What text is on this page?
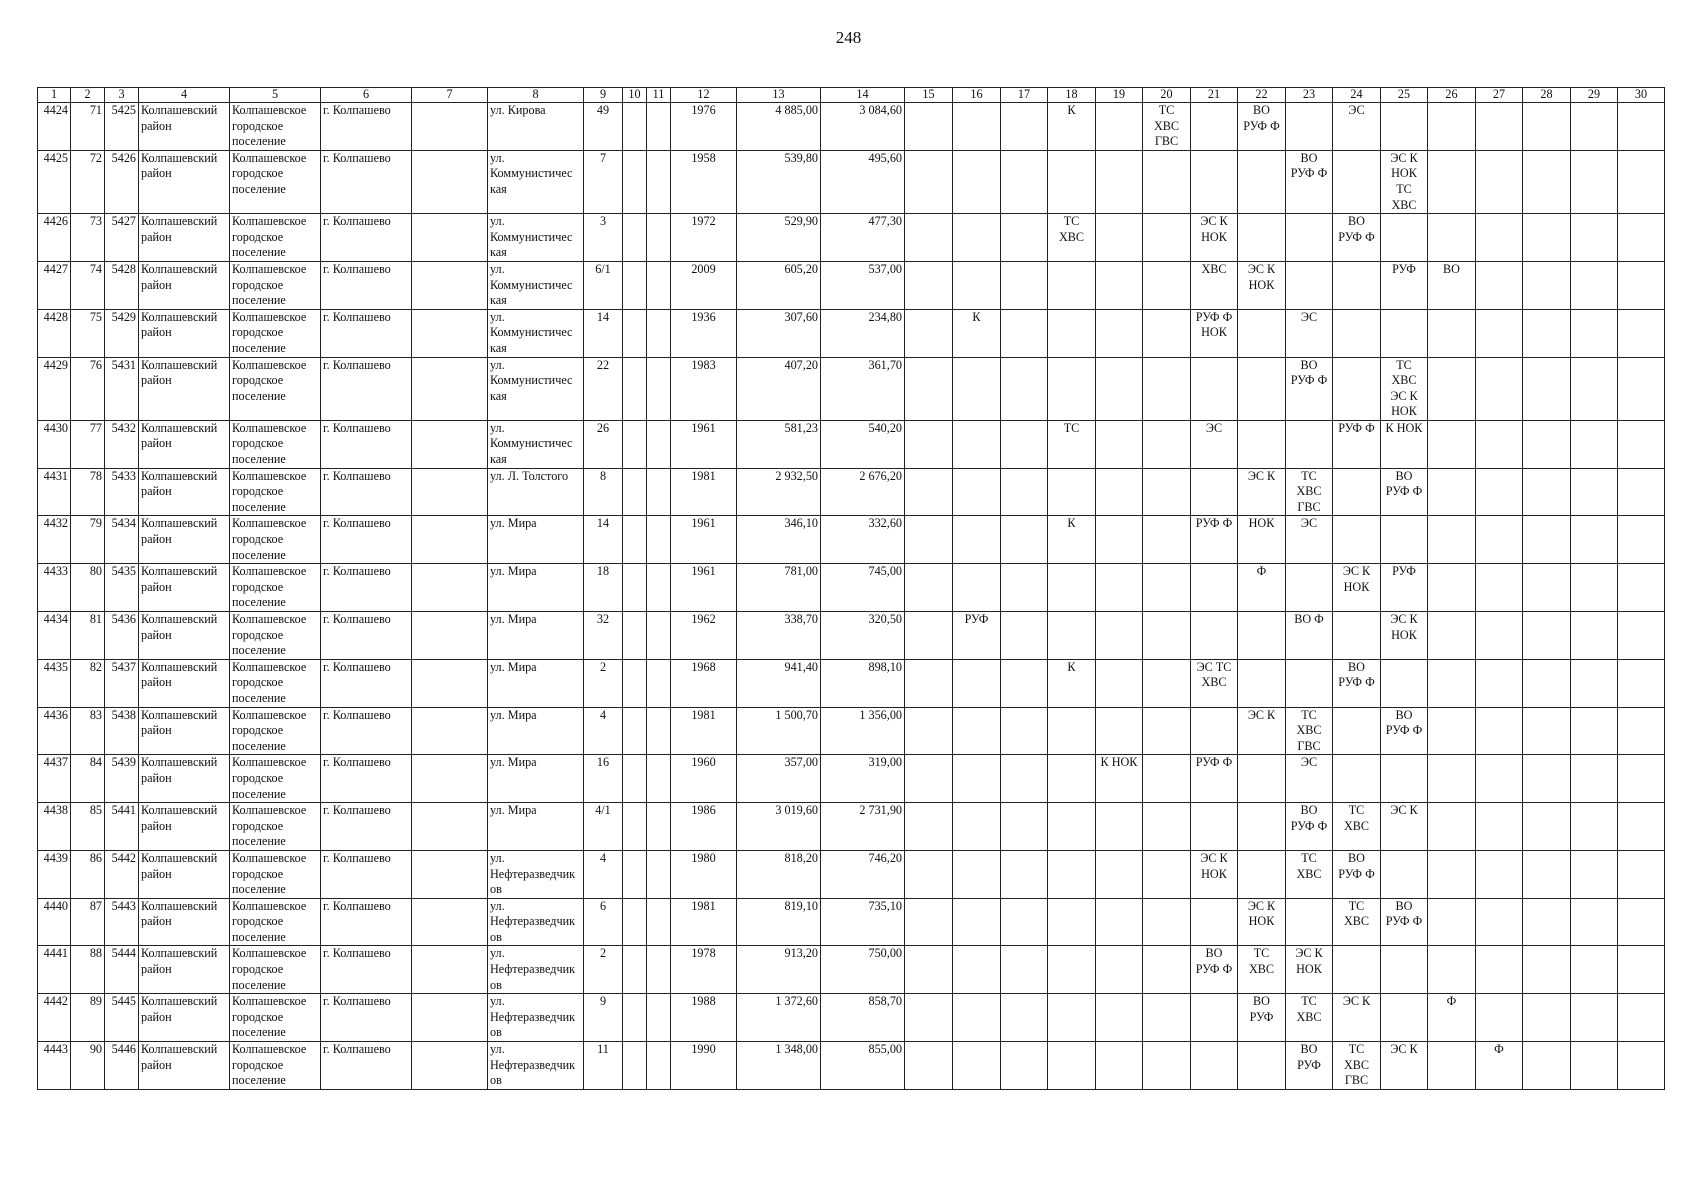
248
1	2	3	4	5	6	7	8	9	10	11	12	13	14	15	16	17	18	19	20	21	22	23	24	25	26	27	28	29	30
4424	71	5425	Колпашевский район	Колпашевское городское поселение	г. Колпашево		ул. Кирова	49			1976	4 885,00	3 084,60				К		ТС ХВС ГВС		ВО РУФ Ф		ЭС						
4425	72	5426	Колпашевский район	Колпашевское городское поселение	г. Колпашево		ул. Коммунистичес кая	7			1958	539,80	495,60									ВО РУФ Ф		ЭС К НОК ТС ХВС					
4426	73	5427	Колпашевский район	Колпашевское городское поселение	г. Колпашево		ул. Коммунистичес кая	3			1972	529,90	477,30				ТС ХВС			ЭС К НОК			ВО РУФ Ф						
4427	74	5428	Колпашевский район	Колпашевское городское поселение	г. Колпашево		ул. Коммунистичес кая	6/1			2009	605,20	537,00							ХВС	ЭС К НОК			РУФ	ВО				
4428	75	5429	Колпашевский район	Колпашевское городское поселение	г. Колпашево		ул. Коммунистичес кая	14			1936	307,60	234,80		К					РУФ Ф НОК		ЭС							
4429	76	5431	Колпашевский район	Колпашевское городское поселение	г. Колпашево		ул. Коммунистичес кая	22			1983	407,20	361,70									ВО РУФ Ф		ТС ХВС ЭС К НОК					
4430	77	5432	Колпашевский район	Колпашевское городское поселение	г. Колпашево		ул. Коммунистичес кая	26			1961	581,23	540,20				ТС			ЭС			РУФ Ф	К НОК					
4431	78	5433	Колпашевский район	Колпашевское городское поселение	г. Колпашево		ул. Л. Толстого	8			1981	2 932,50	2 676,20								ЭС К	ТС ХВС ГВС		ВО РУФ Ф					
4432	79	5434	Колпашевский район	Колпашевское городское поселение	г. Колпашево		ул. Мира	14			1961	346,10	332,60				К			РУФ Ф	НОК	ЭС							
4433	80	5435	Колпашевский район	Колпашевское городское поселение	г. Колпашево		ул. Мира	18			1961	781,00	745,00								Ф		ЭС К НОК	РУФ					
4434	81	5436	Колпашевский район	Колпашевское городское поселение	г. Колпашево		ул. Мира	32			1962	338,70	320,50		РУФ							ВО Ф		ЭС К НОК					
4435	82	5437	Колпашевский район	Колпашевское городское поселение	г. Колпашево		ул. Мира	2			1968	941,40	898,10				К			ЭС ТС ХВС			ВО РУФ Ф						
4436	83	5438	Колпашевский район	Колпашевское городское поселение	г. Колпашево		ул. Мира	4			1981	1 500,70	1 356,00								ЭС К	ТС ХВС ГВС		ВО РУФ Ф					
4437	84	5439	Колпашевский район	Колпашевское городское поселение	г. Колпашево		ул. Мира	16			1960	357,00	319,00					К НОК		РУФ Ф		ЭС							
4438	85	5441	Колпашевский район	Колпашевское городское поселение	г. Колпашево		ул. Мира	4/1			1986	3 019,60	2 731,90									ВО РУФ Ф	ТС ХВС	ЭС К					
4439	86	5442	Колпашевский район	Колпашевское городское поселение	г. Колпашево		ул. Нефтеразведчик ов	4			1980	818,20	746,20							ЭС К НОК		ТС ХВС	ВО РУФ Ф						
4440	87	5443	Колпашевский район	Колпашевское городское поселение	г. Колпашево		ул. Нефтеразведчик ов	6			1981	819,10	735,10								ЭС К НОК		ТС ХВС	ВО РУФ Ф					
4441	88	5444	Колпашевский район	Колпашевское городское поселение	г. Колпашево		ул. Нефтеразведчик ов	2			1978	913,20	750,00							ВО РУФ Ф	ТС ХВС	ЭС К НОК							
4442	89	5445	Колпашевский район	Колпашевское городское поселение	г. Колпашево		ул. Нефтеразведчик ов	9			1988	1 372,60	858,70								ВО РУФ	ТС ХВС	ЭС К		Ф				
4443	90	5446	Колпашевский район	Колпашевское городское поселение	г. Колпашево		ул. Нефтеразведчик ов	11			1990	1 348,00	855,00									ВО РУФ	ТС ХВС ГВС	ЭС К		Ф			
